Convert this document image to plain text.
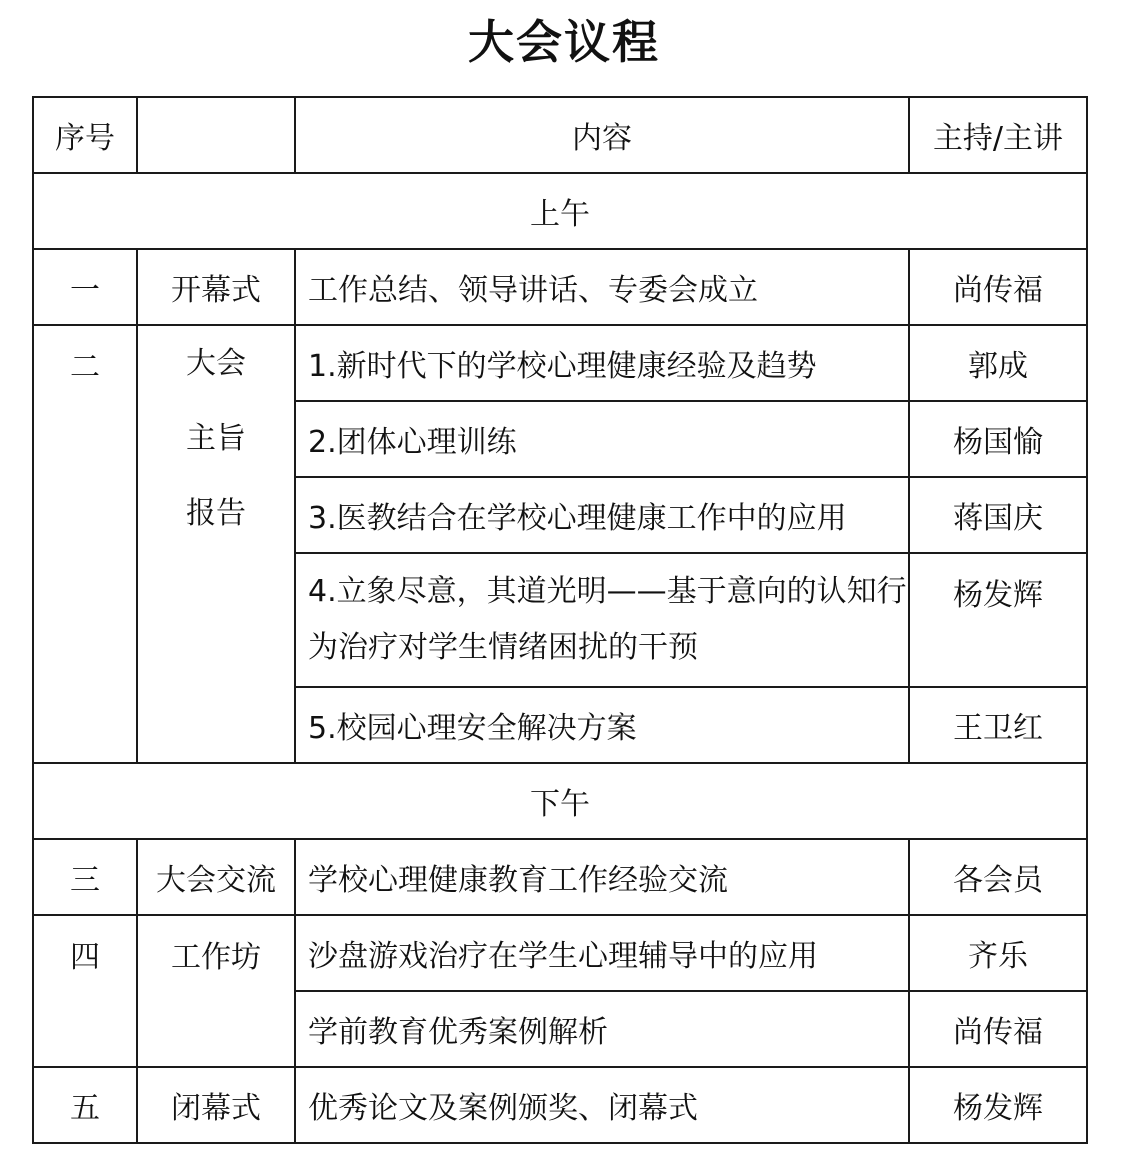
大会议程
序号		内容	主持/主讲
上午			
一	开幕式	工作总结、领导讲话、专委会成立	尚传福
二	大会
主旨
报告	1.新时代下的学校心理健康经验及趋势	郭成
		2.团体心理训练	杨国愉
		3.医教结合在学校心理健康工作中的应用	蒋国庆
		4.立象尽意，其道光明——基于意向的认知行为治疗对学生情绪困扰的干预	杨发辉
		5.校园心理安全解决方案	王卫红
下午			
三	大会交流	学校心理健康教育工作经验交流	各会员
四	工作坊	沙盘游戏治疗在学生心理辅导中的应用	齐乐
		学前教育优秀案例解析	尚传福
五	闭幕式	优秀论文及案例颁奖、闭幕式	杨发辉
